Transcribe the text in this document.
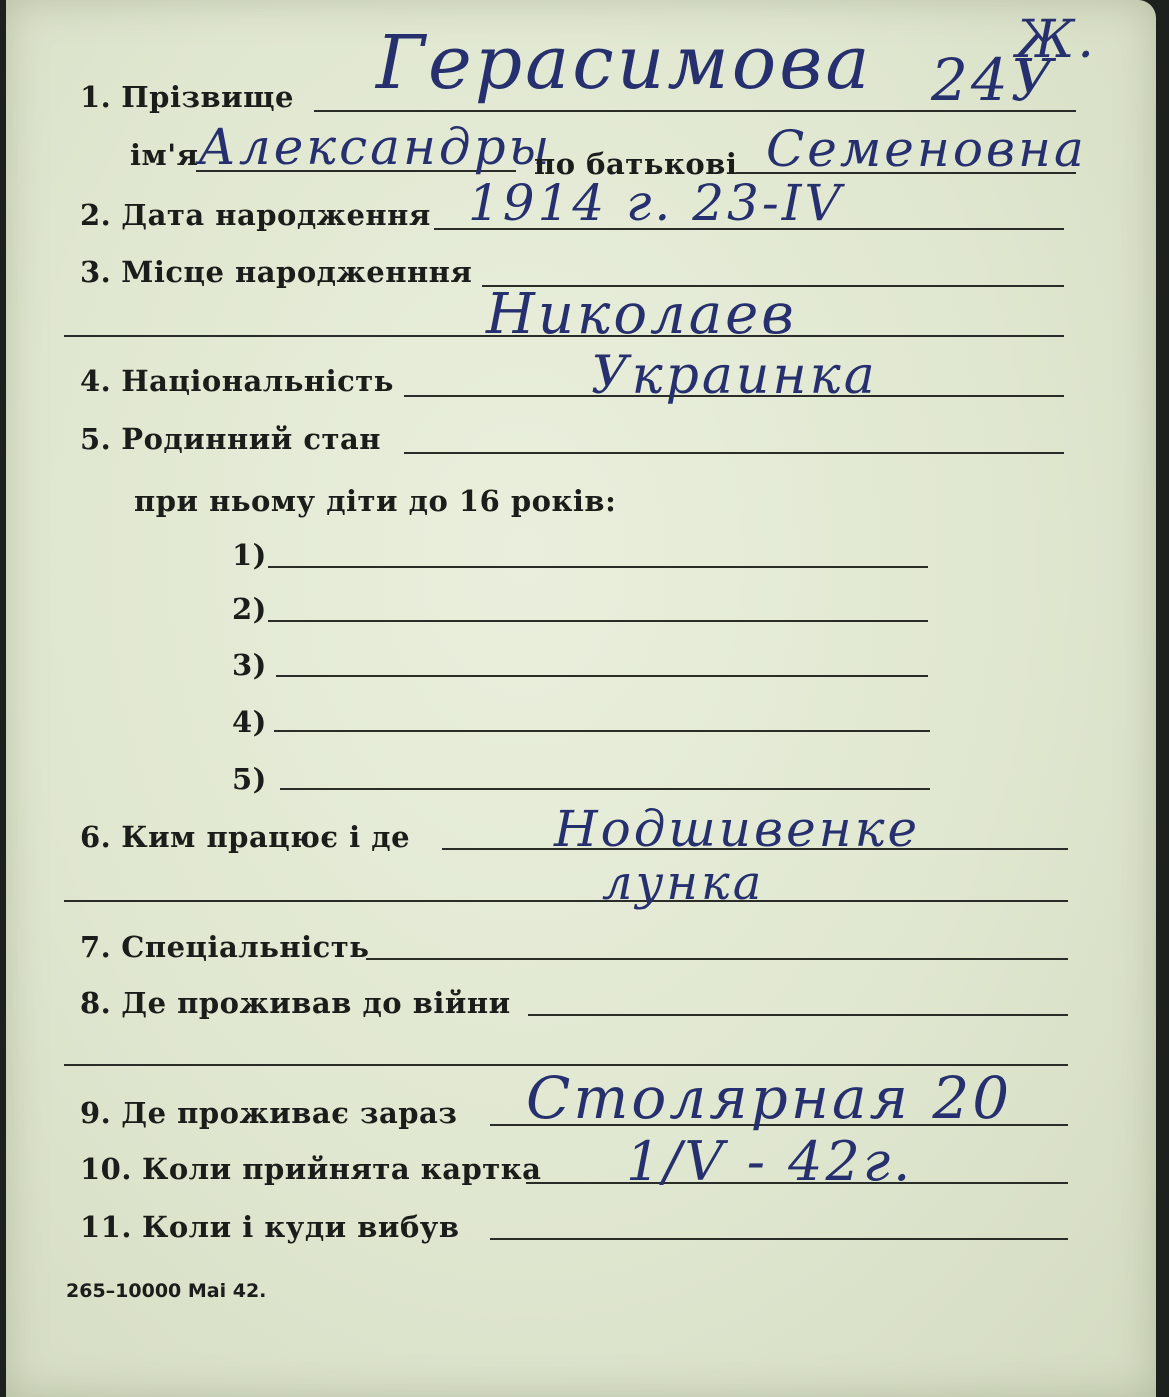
1. Прізвище Герасимова 24У
Ж.
ім'я Александры
по батькові Семеновна
2. Дата народження 1914 г. 23-IV
3. Місце народженння
Николаев
4. Національність	Украинка
5. Родинний стан
при ньому діти до 16 років:
1)
2)
3)
4)
5)
6. Ким працює і де	Нодшивенке
лунка
7. Спеціальність
8. Де проживав до війни
9. Де проживає зараз Столярная 20
10. Коли прийнята картка 1/V - 42г.
11. Коли і куди вибув
265–10000 Mai 42.
